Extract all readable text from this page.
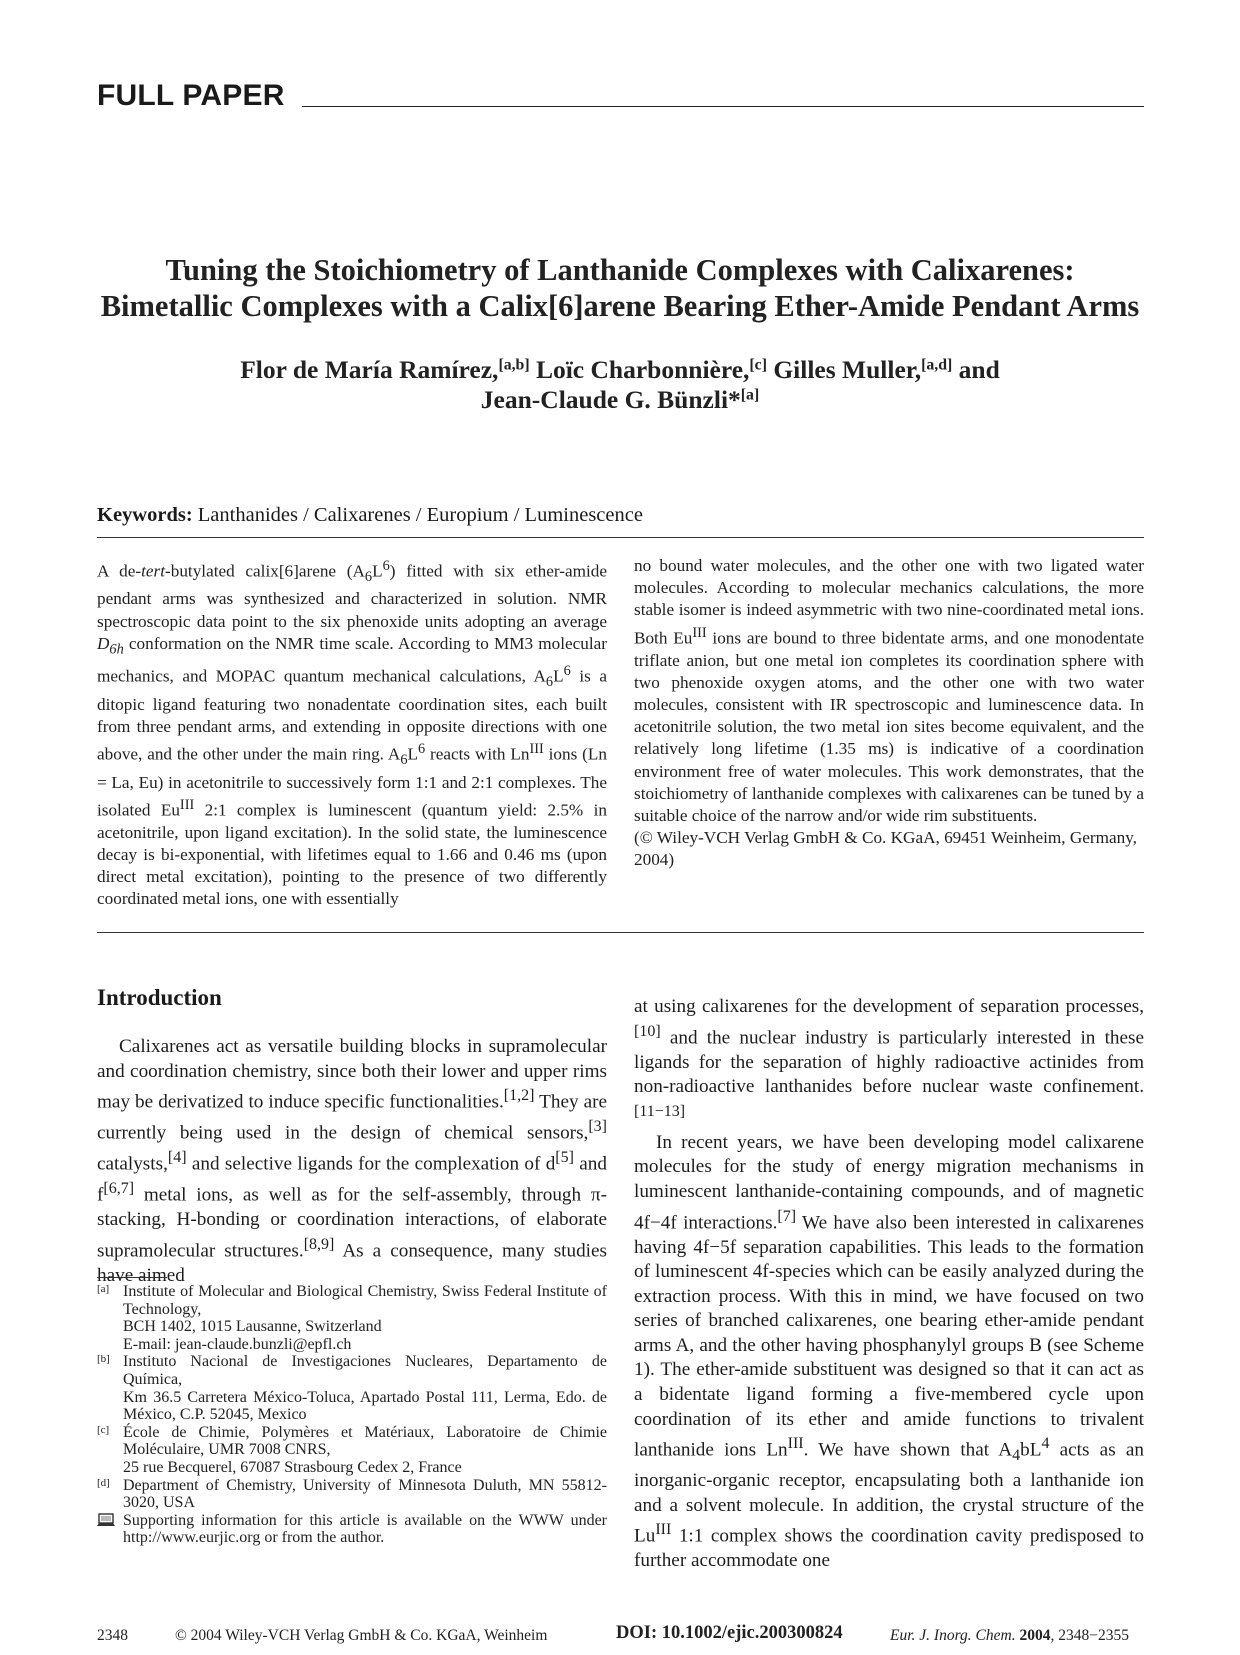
FULL PAPER
Tuning the Stoichiometry of Lanthanide Complexes with Calixarenes:
Bimetallic Complexes with a Calix[6]arene Bearing Ether-Amide Pendant Arms
Flor de María Ramírez,[a,b] Loïc Charbonnière,[c] Gilles Muller,[a,d] and
Jean-Claude G. Bünzli*[a]
Keywords: Lanthanides / Calixarenes / Europium / Luminescence

A de-tert-butylated calix[6]arene $(A_6L^6)$ fitted with six ether-amide pendant arms was synthesized and characterized in solution. NMR spectroscopic data point to the six phenoxide units adopting an average $D_{6h}$ conformation on the NMR time scale. According to MM3 molecular mechanics, and MOPAC quantum mechanical calculations, $A_6L^6$ is a ditopic ligand featuring two nonadentate coordination sites, each built from three pendant arms, and extending in opposite directions with one above, and the other under the main ring. $A_6L^6$ reacts with $Ln^{III}$ ions (Ln = La, Eu) in acetonitrile to successively form 1:1 and 2:1 complexes. The isolated $Eu^{III}$ 2:1 complex is luminescent (quantum yield: 2.5% in acetonitrile, upon ligand excitation). In the solid state, the luminescence decay is bi-exponential, with lifetimes equal to 1.66 and 0.46 ms (upon direct metal excitation), pointing to the presence of two differently coordinated metal ions, one with essentially

no bound water molecules, and the other one with two ligated water molecules. According to molecular mechanics calculations, the more stable isomer is indeed asymmetric with two nine-coordinated metal ions. Both $Eu^{III}$ ions are bound to three bidentate arms, and one monodentate triflate anion, but one metal ion completes its coordination sphere with two phenoxide oxygen atoms, and the other one with two water molecules, consistent with IR spectroscopic and luminescence data. In acetonitrile solution, the two metal ion sites become equivalent, and the relatively long lifetime (1.35 ms) is indicative of a coordination environment free of water molecules. This work demonstrates, that the stoichiometry of lanthanide complexes with calixarenes can be tuned by a suitable choice of the narrow and/or wide rim substituents.

(© Wiley-VCH Verlag GmbH & Co. KGaA, 69451 Weinheim, Germany, 2004)

Introduction

Calixarenes act as versatile building blocks in supramolecular and coordination chemistry, since both their lower and upper rims may be derivatized to induce specific functionalities.[1,2] They are currently being used in the design of chemical sensors,[3] catalysts,[4] and selective ligands for the complexation of d[5] and f[6,7] metal ions, as well as for the self-assembly, through π-stacking, H-bonding or coordination interactions, of elaborate supramolecular structures.[8,9] As a consequence, many studies have aimed

at using calixarenes for the development of separation processes,[10] and the nuclear industry is particularly interested in these ligands for the separation of highly radioactive actinides from non-radioactive lanthanides before nuclear waste confinement.[11−13]

In recent years, we have been developing model calixarene molecules for the study of energy migration mechanisms in luminescent lanthanide-containing compounds, and of magnetic 4f−4f interactions.[7] We have also been interested in calixarenes having 4f−5f separation capabilities. This leads to the formation of luminescent 4f-species which can be easily analyzed during the extraction process. With this in mind, we have focused on two series of branched calixarenes, one bearing ether-amide pendant arms A, and the other having phosphanylyl groups B (see Scheme 1). The ether-amide substituent was designed so that it can act as a bidentate ligand forming a five-membered cycle upon coordination of its ether and amide functions to trivalent lanthanide ions $Ln^{III}$. We have shown that $A_4bL^4$ acts as an inorganic-organic receptor, encapsulating both a lanthanide ion and a solvent molecule. In addition, the crystal structure of the $Lu^{III}$ 1:1 complex shows the coordination cavity predisposed to further accommodate one

[a] Institute of Molecular and Biological Chemistry, Swiss Federal Institute of Technology,
BCH 1402, 1015 Lausanne, Switzerland
E-mail: jean-claude.bunzli@epfl.ch
[b] Instituto Nacional de Investigaciones Nucleares, Departamento de Química,
Km 36.5 Carretera México-Toluca, Apartado Postal 111, Lerma, Edo. de México, C.P. 52045, Mexico
[c] École de Chimie, Polymères et Matériaux, Laboratoire de Chimie Moléculaire, UMR 7008 CNRS,
25 rue Becquerel, 67087 Strasbourg Cedex 2, France
[d] Department of Chemistry, University of Minnesota Duluth, MN 55812-3020, USA
Supporting information for this article is available on the WWW under http://www.eurjic.org or from the author.
2348	© 2004 Wiley-VCH Verlag GmbH & Co. KGaA, Weinheim	DOI: 10.1002/ejic.200300824	Eur. J. Inorg. Chem. 2004, 2348−2355
